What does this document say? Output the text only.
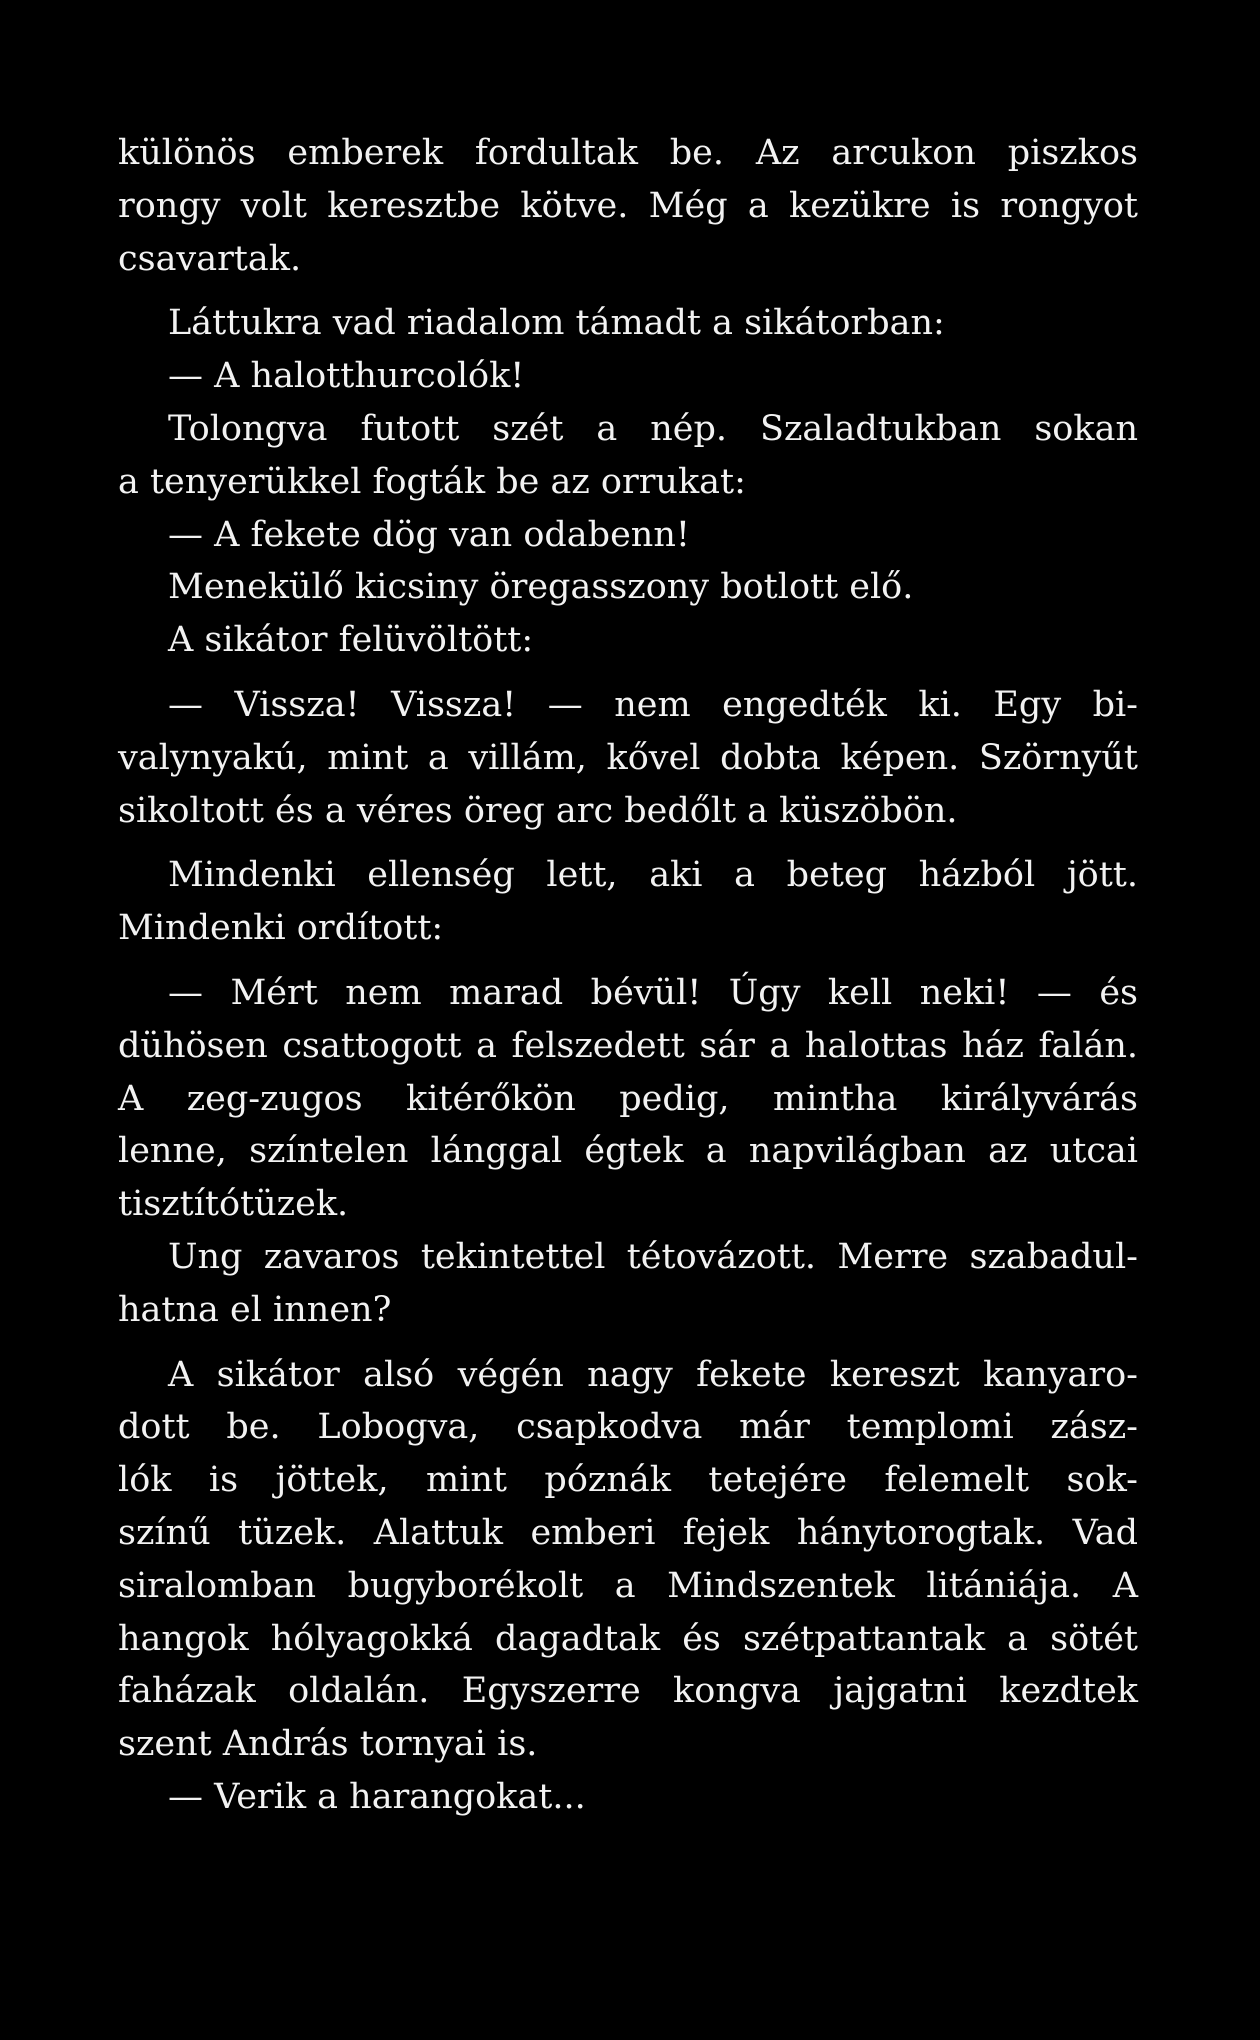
különös emberek fordultak be. Az arcukon piszkos
rongy volt keresztbe kötve. Még a kezükre is rongyot
csavartak.
Láttukra vad riadalom támadt a sikátorban:
— A halotthurcolók!
Tolongva futott szét a nép. Szaladtukban sokan
a tenyerükkel fogták be az orrukat:
— A fekete dög van odabenn!
Menekülő kicsiny öregasszony botlott elő.
A sikátor felüvöltött:
— Vissza! Vissza! — nem engedték ki. Egy bi-
valynyakú, mint a villám, kővel dobta képen. Szörnyűt
sikoltott és a véres öreg arc bedőlt a küszöbön.
Mindenki ellenség lett, aki a beteg házból jött.
Mindenki ordított:
— Mért nem marad bévül! Úgy kell neki! — és
dühösen csattogott a felszedett sár a halottas ház falán.
A zeg-zugos kitérőkön pedig, mintha királyvárás
lenne, színtelen lánggal égtek a napvilágban az utcai
tisztítótüzek.
Ung zavaros tekintettel tétovázott. Merre szabadul-
hatna el innen?
A sikátor alsó végén nagy fekete kereszt kanyaro-
dott be. Lobogva, csapkodva már templomi zász-
lók is jöttek, mint póznák tetejére felemelt sok-
színű tüzek. Alattuk emberi fejek hánytorogtak. Vad
siralomban bugyborékolt a Mindszentek litániája. A
hangok hólyagokká dagadtak és szétpattantak a sötét
faházak oldalán. Egyszerre kongva jajgatni kezdtek
szent András tornyai is.
— Verik a harangokat...
